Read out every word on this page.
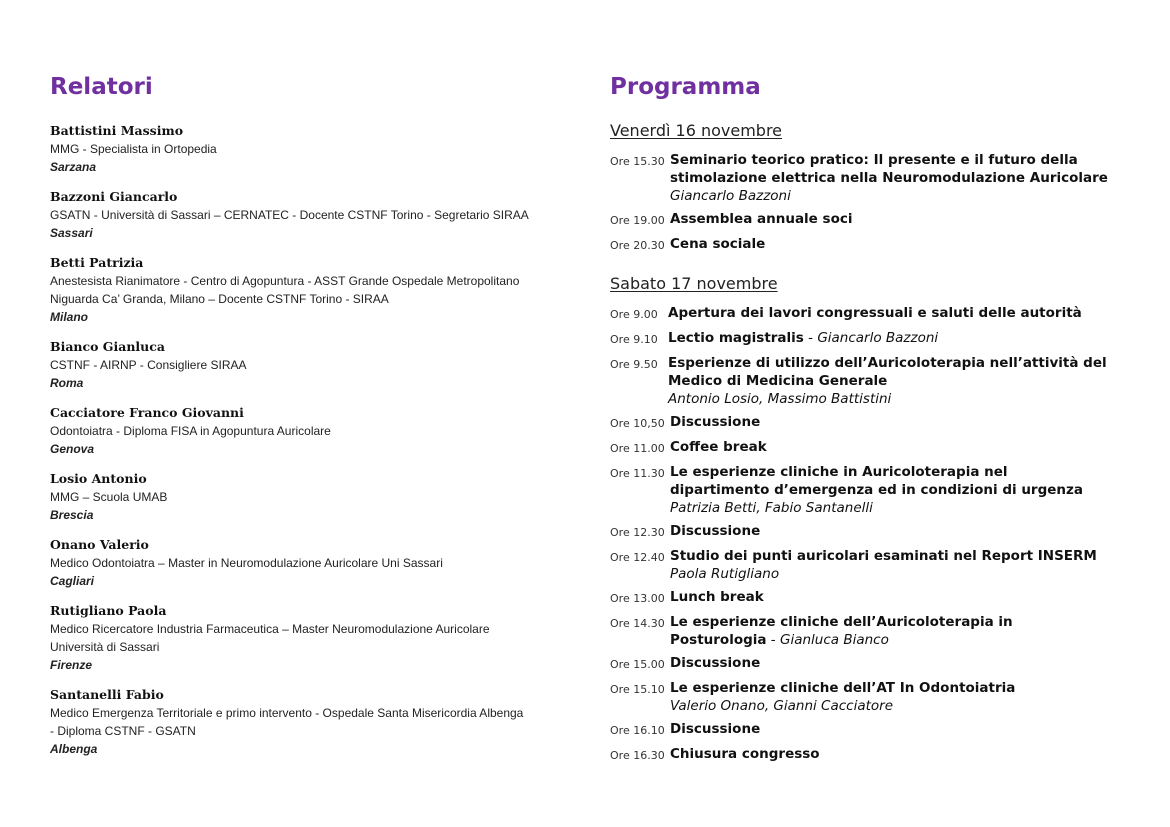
Relatori
Battistini Massimo
MMG - Specialista in Ortopedia
Sarzana
Bazzoni Giancarlo
GSATN - Università di Sassari – CERNATEC - Docente CSTNF Torino - Segretario SIRAA
Sassari
Betti Patrizia
Anestesista Rianimatore - Centro di Agopuntura - ASST Grande Ospedale Metropolitano
Niguarda Ca’ Granda, Milano – Docente CSTNF Torino - SIRAA
Milano
Bianco Gianluca
CSTNF - AIRNP - Consigliere SIRAA
Roma
Cacciatore Franco Giovanni
Odontoiatra - Diploma FISA in Agopuntura Auricolare
Genova
Losio Antonio
MMG – Scuola UMAB
Brescia
Onano Valerio
Medico Odontoiatra – Master in Neuromodulazione Auricolare Uni Sassari
Cagliari
Rutigliano Paola
Medico Ricercatore Industria Farmaceutica – Master Neuromodulazione Auricolare
Università di Sassari
Firenze
Santanelli Fabio
Medico Emergenza Territoriale e primo intervento - Ospedale Santa Misericordia Albenga
- Diploma CSTNF - GSATN
Albenga
Programma
Venerdì 16 novembre
Ore 15.30 Seminario teorico pratico: Il presente e il futuro della
stimolazione elettrica nella Neuromodulazione Auricolare
Giancarlo Bazzoni
Ore 19.00 Assemblea annuale soci
Ore 20.30 Cena sociale
Sabato 17 novembre
Ore 9.00 Apertura dei lavori congressuali e saluti delle autorità
Ore 9.10 Lectio magistralis - Giancarlo Bazzoni
Ore 9.50 Esperienze di utilizzo dell’Auricoloterapia nell’attività del
Medico di Medicina Generale
Antonio Losio, Massimo Battistini
Ore 10,50 Discussione
Ore 11.00 Coffee break
Ore 11.30 Le esperienze cliniche in Auricoloterapia nel
dipartimento d’emergenza ed in condizioni di urgenza
Patrizia Betti, Fabio Santanelli
Ore 12.30 Discussione
Ore 12.40 Studio dei punti auricolari esaminati nel Report INSERM
Paola Rutigliano
Ore 13.00 Lunch break
Ore 14.30 Le esperienze cliniche dell’Auricoloterapia in
Posturologia - Gianluca Bianco
Ore 15.00 Discussione
Ore 15.10 Le esperienze cliniche dell’AT In Odontoiatria
Valerio Onano, Gianni Cacciatore
Ore 16.10 Discussione
Ore 16.30 Chiusura congresso
